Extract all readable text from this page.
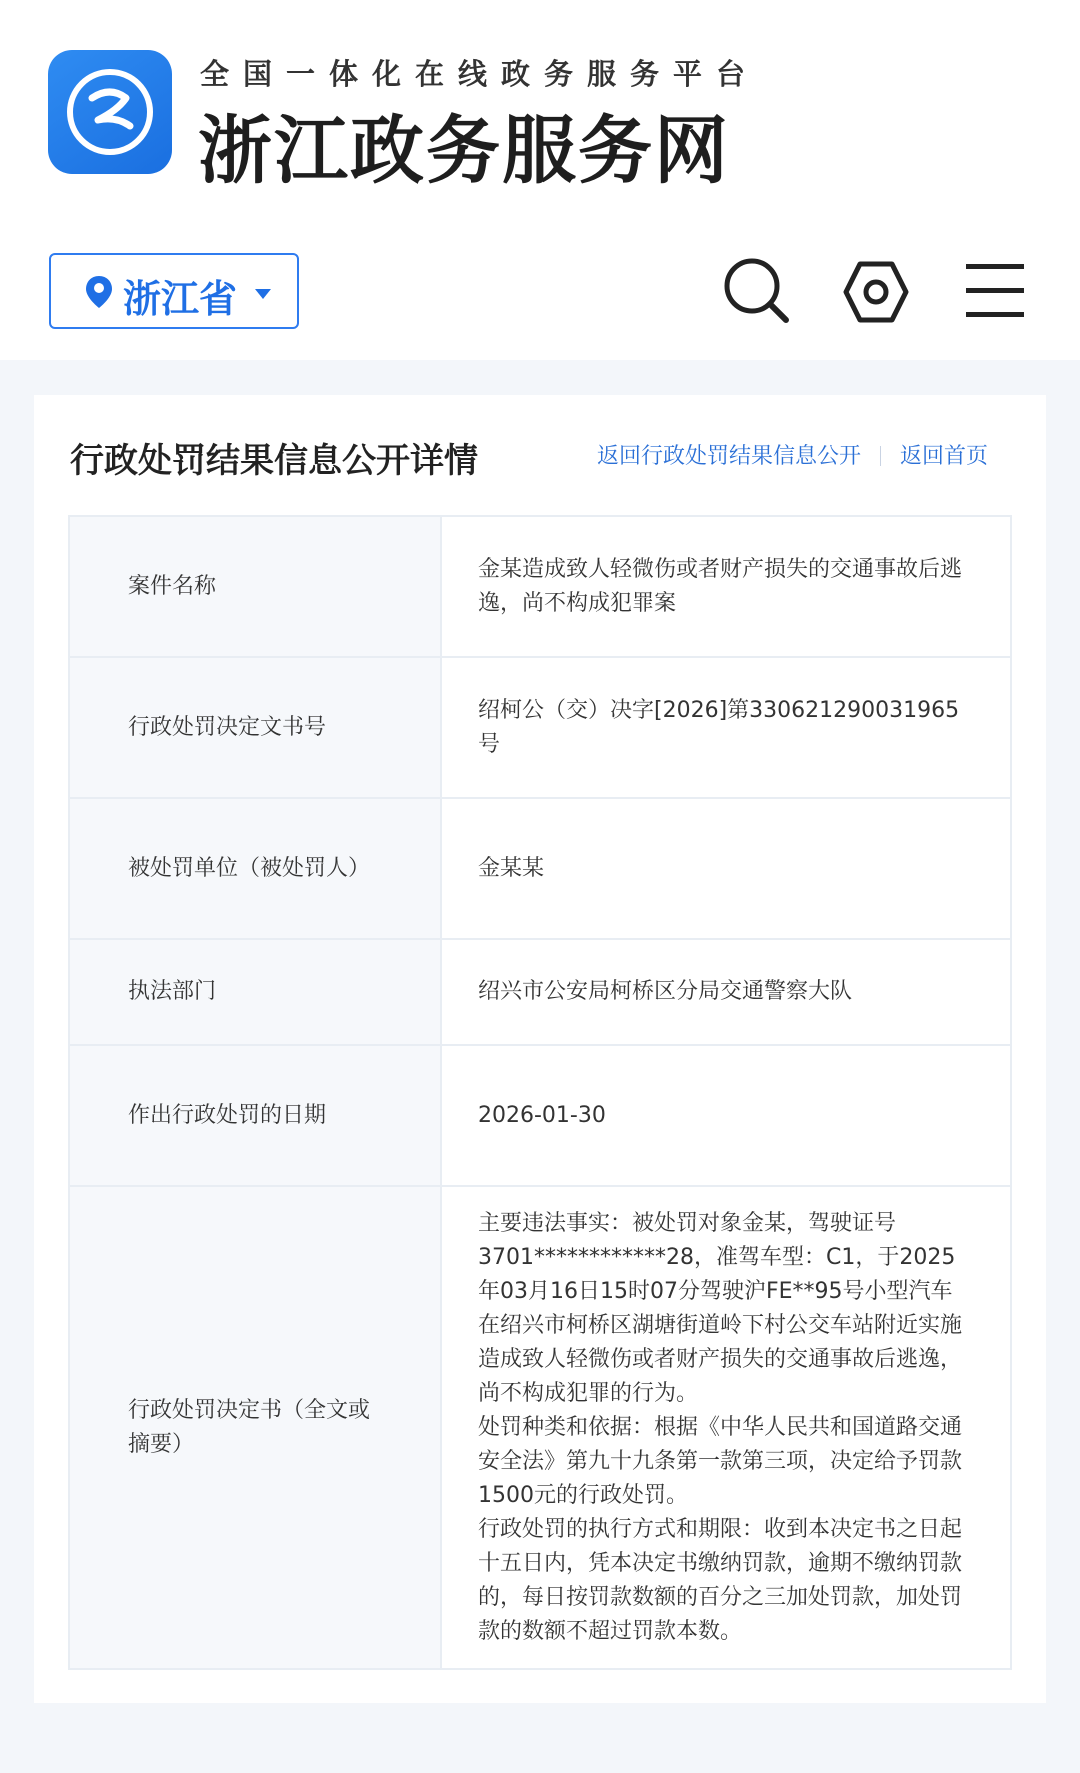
全国一体化在线政务服务平台
浙江政务服务网
浙江省
行政处罚结果信息公开详情	返回行政处罚结果信息公开 返回首页
案件名称	金某造成致人轻微伤或者财产损失的交通事故后逃逸，尚不构成犯罪案
行政处罚决定文书号	绍柯公（交）决字[2026]第330621290031965号
被处罚单位（被处罚人）	金某某
执法部门	绍兴市公安局柯桥区分局交通警察大队
作出行政处罚的日期	2026-01-30
行政处罚决定书（全文或摘要）	主要违法事实：被处罚对象金某，驾驶证号3701************28，准驾车型：C1，于2025年03月16日15时07分驾驶沪FE**95号小型汽车在绍兴市柯桥区湖塘街道岭下村公交车站附近实施造成致人轻微伤或者财产损失的交通事故后逃逸，尚不构成犯罪的行为。

处罚种类和依据：根据《中华人民共和国道路交通安全法》第九十九条第一款第三项，决定给予罚款1500元的行政处罚。

行政处罚的执行方式和期限：收到本决定书之日起十五日内，凭本决定书缴纳罚款，逾期不缴纳罚款的，每日按罚款数额的百分之三加处罚款，加处罚款的数额不超过罚款本数。
